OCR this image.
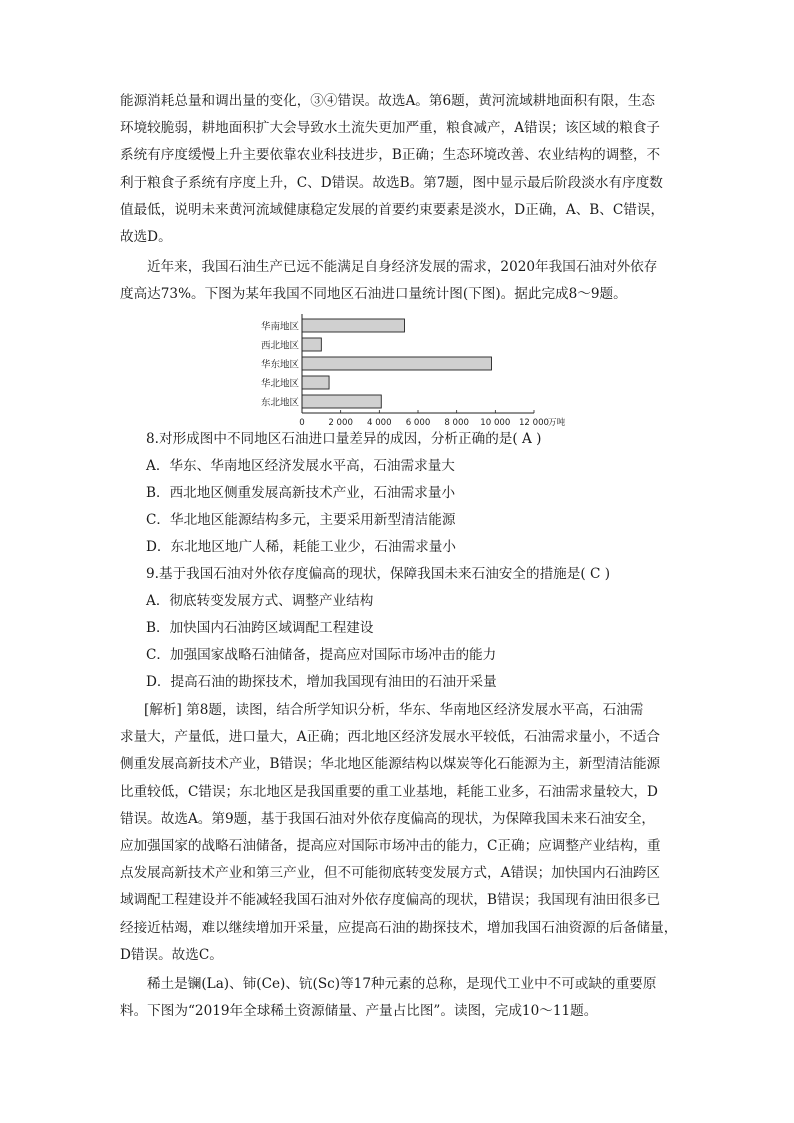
能源消耗总量和调出量的变化，③④错误。故选A。第6题，黄河流域耕地面积有限，生态
环境较脆弱，耕地面积扩大会导致水土流失更加严重，粮食减产，A错误；该区域的粮食子
系统有序度缓慢上升主要依靠农业科技进步，B正确；生态环境改善、农业结构的调整，不
利于粮食子系统有序度上升，C、D错误。故选B。第7题，图中显示最后阶段淡水有序度数
值最低，说明未来黄河流域健康稳定发展的首要约束要素是淡水，D正确，A、B、C错误，
故选D。
近年来，我国石油生产已远不能满足自身经济发展的需求，2020年我国石油对外依存
度高达73%。下图为某年我国不同地区石油进口量统计图(下图)。据此完成8～9题。
华南地区
西北地区
华东地区
华北地区
东北地区
0	2 000 4 000 6 000 8 000 10 000 12 000
万吨

8.对形成图中不同地区石油进口量差异的成因，分析正确的是( A )

A．华东、华南地区经济发展水平高，石油需求量大

B．西北地区侧重发展高新技术产业，石油需求量小

C．华北地区能源结构多元，主要采用新型清洁能源

D．东北地区地广人稀，耗能工业少，石油需求量小

9.基于我国石油对外依存度偏高的现状，保障我国未来石油安全的措施是( C )

A．彻底转变发展方式、调整产业结构

B．加快国内石油跨区域调配工程建设

C．加强国家战略石油储备，提高应对国际市场冲击的能力

D．提高石油的勘探技术，增加我国现有油田的石油开采量

[解析] 第8题，读图，结合所学知识分析，华东、华南地区经济发展水平高，石油需
求量大，产量低，进口量大，A正确；西北地区经济发展水平较低，石油需求量小，不适合
侧重发展高新技术产业，B错误；华北地区能源结构以煤炭等化石能源为主，新型清洁能源
比重较低，C错误；东北地区是我国重要的重工业基地，耗能工业多，石油需求量较大，D
错误。故选A。第9题，基于我国石油对外依存度偏高的现状，为保障我国未来石油安全，
应加强国家的战略石油储备，提高应对国际市场冲击的能力，C正确；应调整产业结构，重
点发展高新技术产业和第三产业，但不可能彻底转变发展方式，A错误；加快国内石油跨区
域调配工程建设并不能减轻我国石油对外依存度偏高的现状，B错误；我国现有油田很多已
经接近枯竭，难以继续增加开采量，应提高石油的勘探技术，增加我国石油资源的后备储量，
D错误。故选C。
稀土是镧(La)、铈(Ce)、钪(Sc)等17种元素的总称，是现代工业中不可或缺的重要原
料。下图为“2019年全球稀土资源储量、产量占比图”。读图，完成10～11题。
